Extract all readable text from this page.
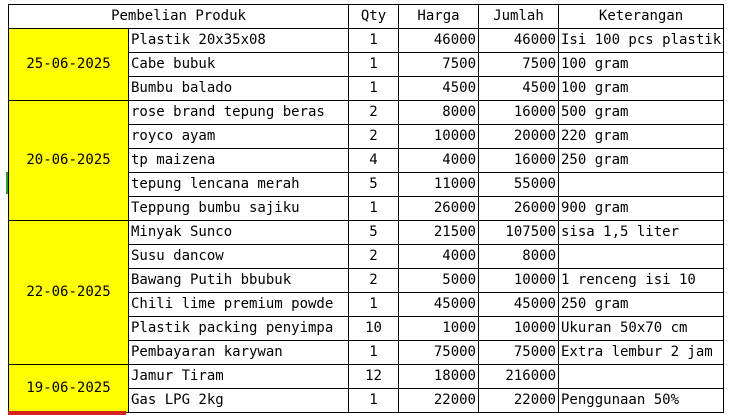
Pembelian Produk		Qty	Harga	Jumlah	Keterangan
25-06-2025	Plastik 20x35x08	1	46000	46000	Isi 100 pcs plastik
	Cabe bubuk	1	7500	7500	100 gram
	Bumbu balado	1	4500	4500	100 gram
20-06-2025	rose brand tepung beras	2	8000	16000	500 gram
	royco ayam	2	10000	20000	220 gram
	tp maizena	4	4000	16000	250 gram
	tepung lencana merah	5	11000	55000	
	Teppung bumbu sajiku	1	26000	26000	900 gram
22-06-2025	Minyak Sunco	5	21500	107500	sisa 1,5 liter
	Susu dancow	2	4000	8000	
	Bawang Putih bbubuk	2	5000	10000	1 renceng isi 10
	Chili lime premium powde	1	45000	45000	250 gram
	Plastik packing penyimpa	10	1000	10000	Ukuran 50x70 cm
	Pembayaran karywan	1	75000	75000	Extra lembur 2 jam
19-06-2025	Jamur Tiram	12	18000	216000	
	Gas LPG 2kg	1	22000	22000	Penggunaan 50%
